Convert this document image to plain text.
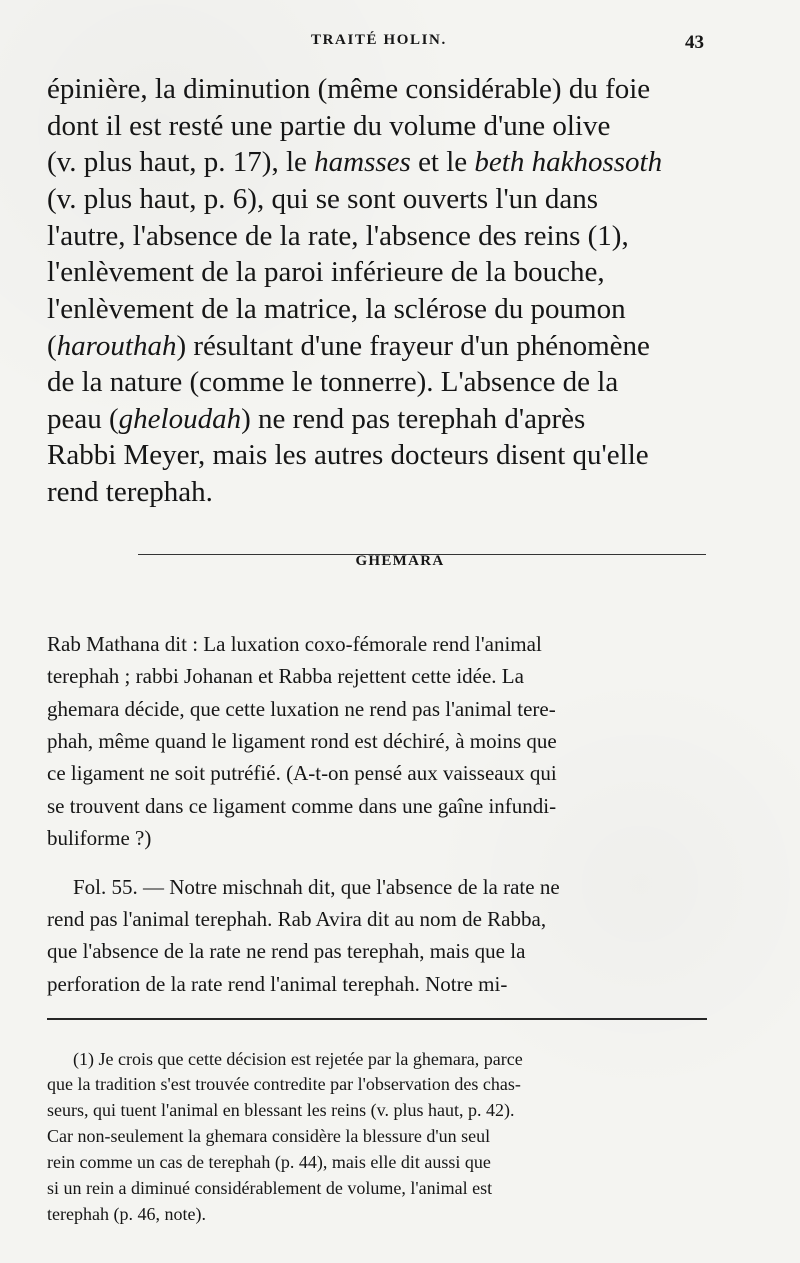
TRAITÉ HOLIN.	43
épinière, la diminution (même considérable) du foie
dont il est resté une partie du volume d'une olive
(v. plus haut, p. 17), le hamsses et le beth hakhossoth
(v. plus haut, p. 6), qui se sont ouverts l'un dans
l'autre, l'absence de la rate, l'absence des reins (1),
l'enlèvement de la paroi inférieure de la bouche,
l'enlèvement de la matrice, la sclérose du poumon
(harouthah) résultant d'une frayeur d'un phénomène
de la nature (comme le tonnerre). L'absence de la
peau (gheloudah) ne rend pas terephah d'après
Rabbi Meyer, mais les autres docteurs disent qu'elle
rend terephah.
GHEMARA
Rab Mathana dit : La luxation coxo-fémorale rend l'animal
terephah ; rabbi Johanan et Rabba rejettent cette idée. La
ghemara décide, que cette luxation ne rend pas l'animal tere-
phah, même quand le ligament rond est déchiré, à moins que
ce ligament ne soit putréfié. (A-t-on pensé aux vaisseaux qui
se trouvent dans ce ligament comme dans une gaîne infundi-
buliforme ?)
Fol. 55. — Notre mischnah dit, que l'absence de la rate ne
rend pas l'animal terephah. Rab Avira dit au nom de Rabba,
que l'absence de la rate ne rend pas terephah, mais que la
perforation de la rate rend l'animal terephah. Notre mi-
(1) Je crois que cette décision est rejetée par la ghemara, parce
que la tradition s'est trouvée contredite par l'observation des chas-
seurs, qui tuent l'animal en blessant les reins (v. plus haut, p. 42).
Car non-seulement la ghemara considère la blessure d'un seul
rein comme un cas de terephah (p. 44), mais elle dit aussi que
si un rein a diminué considérablement de volume, l'animal est
terephah (p. 46, note).
